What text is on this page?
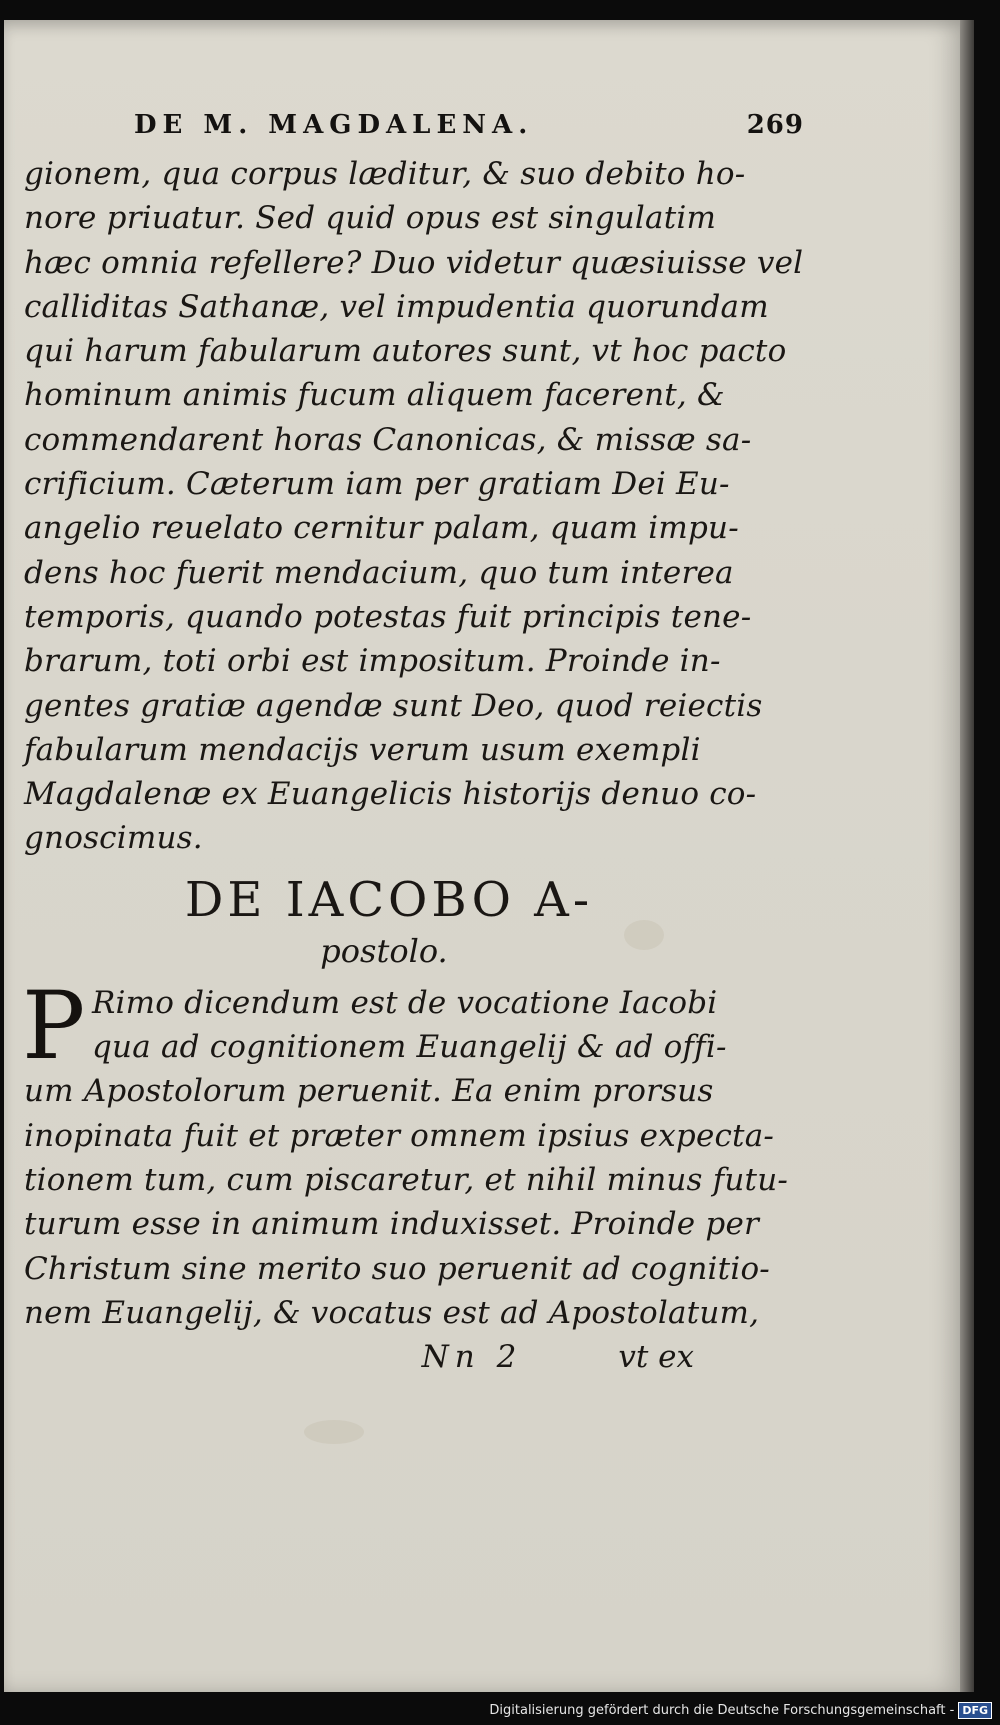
DE M. MAGDALENA.	269

gionem, qua corpus læditur, & suo debito ho-
nore priuatur. Sed quid opus est singulatim
hæc omnia refellere? Duo videtur quæsiuisse vel
calliditas Sathanæ, vel impudentia quorundam
qui harum fabularum autores sunt, vt hoc pacto
hominum animis fucum aliquem facerent, &
commendarent horas Canonicas, & missæ sa-
crificium. Cæterum iam per gratiam Dei Eu-
angelio reuelato cernitur palam, quam impu-
dens hoc fuerit mendacium, quo tum interea
temporis, quando potestas fuit principis tene-
brarum, toti orbi est impositum. Proinde in-
gentes gratiæ agendæ sunt Deo, quod reiectis
fabularum mendacijs verum usum exempli
Magdalenæ ex Euangelicis historijs denuo co-
gnoscimus.

DE IACOBO A-
postolo.
P Rimo dicendum est de vocatione Iacobi
qua ad cognitionem Euangelij & ad offi-
um Apostolorum peruenit. Ea enim prorsus
inopinata fuit et præter omnem ipsius expecta-
tionem tum, cum piscaretur, et nihil minus futu-
turum esse in animum induxisset. Proinde per
Christum sine merito suo peruenit ad cognitio-
nem Euangelij, & vocatus est ad Apostolatum,

Nn 2	vt ex
Digitalisierung gefördert durch die Deutsche Forschungsgemeinschaft - DFG
